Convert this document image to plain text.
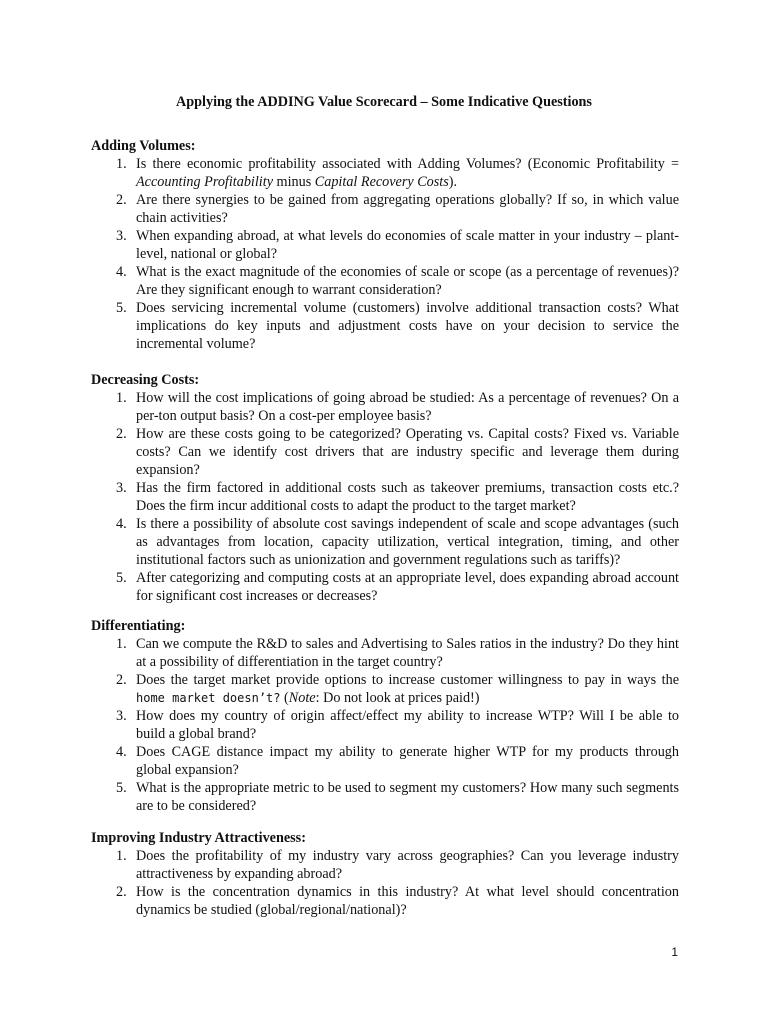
Applying the ADDING Value Scorecard – Some Indicative Questions
Adding Volumes:
1. Is there economic profitability associated with Adding Volumes? (Economic Profitability = Accounting Profitability minus Capital Recovery Costs).
2. Are there synergies to be gained from aggregating operations globally? If so, in which value chain activities?
3. When expanding abroad, at what levels do economies of scale matter in your industry – plant-level, national or global?
4. What is the exact magnitude of the economies of scale or scope (as a percentage of revenues)? Are they significant enough to warrant consideration?
5. Does servicing incremental volume (customers) involve additional transaction costs? What implications do key inputs and adjustment costs have on your decision to service the incremental volume?
Decreasing Costs:
1. How will the cost implications of going abroad be studied: As a percentage of revenues? On a per-ton output basis? On a cost-per employee basis?
2. How are these costs going to be categorized? Operating vs. Capital costs? Fixed vs. Variable costs? Can we identify cost drivers that are industry specific and leverage them during expansion?
3. Has the firm factored in additional costs such as takeover premiums, transaction costs etc.? Does the firm incur additional costs to adapt the product to the target market?
4. Is there a possibility of absolute cost savings independent of scale and scope advantages (such as advantages from location, capacity utilization, vertical integration, timing, and other institutional factors such as unionization and government regulations such as tariffs)?
5. After categorizing and computing costs at an appropriate level, does expanding abroad account for significant cost increases or decreases?
Differentiating:
1. Can we compute the R&D to sales and Advertising to Sales ratios in the industry? Do they hint at a possibility of differentiation in the target country?
2. Does the target market provide options to increase customer willingness to pay in ways the home market doesn’t? (Note: Do not look at prices paid!)
3. How does my country of origin affect/effect my ability to increase WTP? Will I be able to build a global brand?
4. Does CAGE distance impact my ability to generate higher WTP for my products through global expansion?
5. What is the appropriate metric to be used to segment my customers? How many such segments are to be considered?
Improving Industry Attractiveness:
1. Does the profitability of my industry vary across geographies? Can you leverage industry attractiveness by expanding abroad?
2. How is the concentration dynamics in this industry? At what level should concentration dynamics be studied (global/regional/national)?
1
